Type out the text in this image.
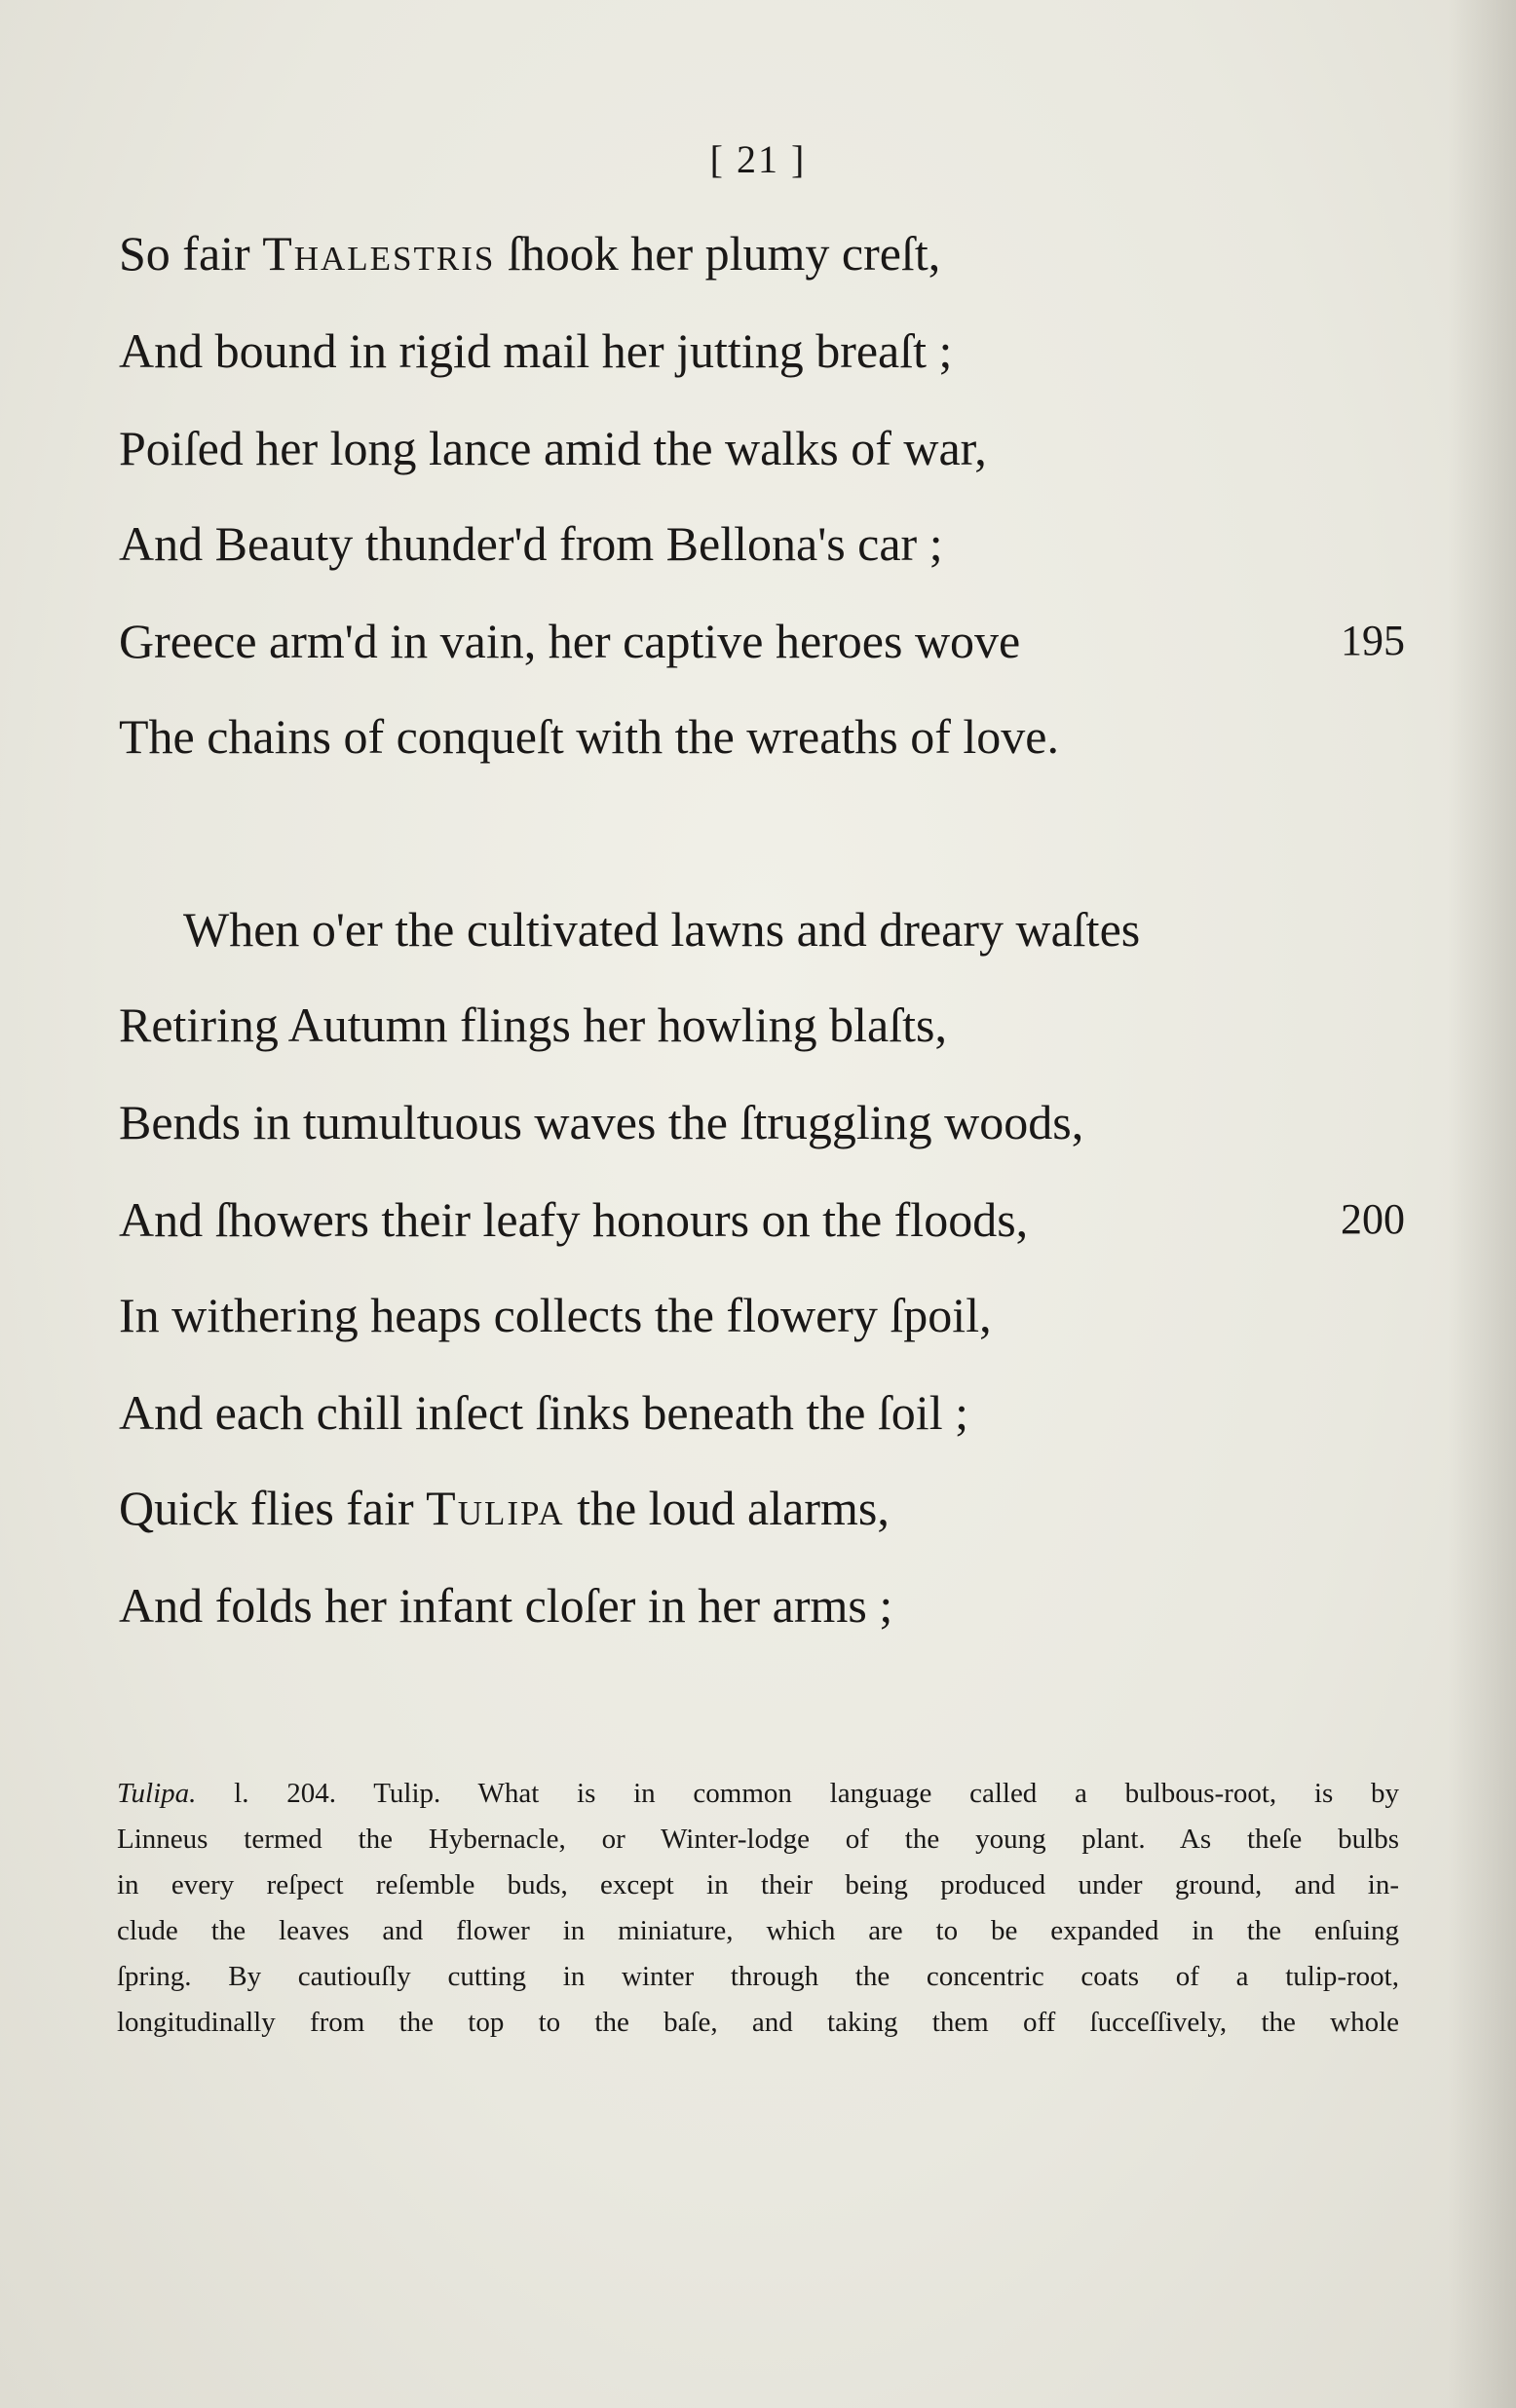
[ 21 ]
So fair Thalestris ſhook her plumy creſt,
And bound in rigid mail her jutting breaſt ;
Poiſed her long lance amid the walks of war,
And Beauty thunder'd from Bellona's car ;
Greece arm'd in vain, her captive heroes wove	195
The chains of conqueſt with the wreaths of love.
When o'er the cultivated lawns and dreary waſtes
Retiring Autumn flings her howling blaſts,
Bends in tumultuous waves the ſtruggling woods,
And ſhowers their leafy honours on the floods,	200
In withering heaps collects the flowery ſpoil,
And each chill inſect ſinks beneath the ſoil ;
Quick flies fair Tulipa the loud alarms,
And folds her infant cloſer in her arms ;
Tulipa. l. 204. Tulip. What is in common language called a bulbous-root, is by
Linneus termed the Hybernacle, or Winter-lodge of the young plant. As theſe bulbs
in every reſpect reſemble buds, except in their being produced under ground, and in-
clude the leaves and flower in miniature, which are to be expanded in the enſuing
ſpring. By cautiouſly cutting in winter through the concentric coats of a tulip-root,
longitudinally from the top to the baſe, and taking them off ſucceſſively, the whole
